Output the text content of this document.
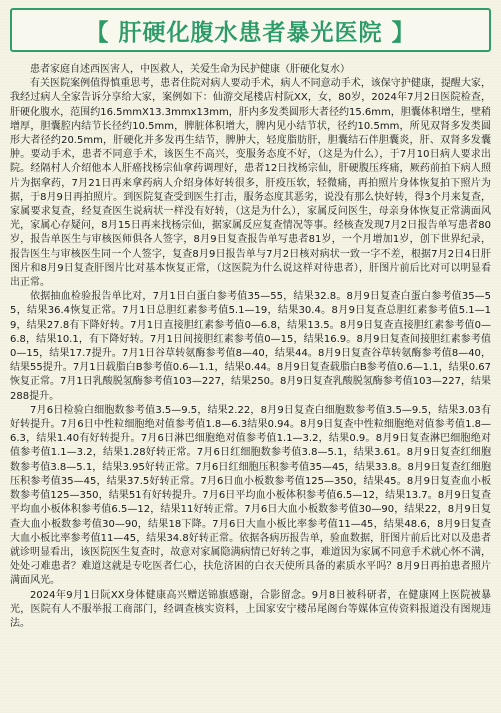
【 肝硬化腹水患者暴光医院 】

患者家庭自述西医害人，中医救人，关爱生命为民护健康（肝硬化复水）

有关医院案例值得慎重思考，患者住院对病人要动手术，病人不同意动手术，该保守护健康，提醒大家，我经过病人全家告诉分享给大家，案例如下：仙游交尾楼店村阮XX，女，80岁，2024年7月2日医院检查，肝硬化腹水，范围约16.5mmX13.3mmx13mm，肝内多发类圆形大者径约15.6mm，胆囊体积增生，壁稍增厚，胆囊腔内结节长径约10.5mm，脾脏体积增大，脾内见小结节状，径约10.5mm，所见双肾多发类圆形大者径约20.5mm，肝硬化并多发再生结节，脾肿大，轻度脂肪肝，胆囊结石伴胆囊炎，肝、双肾多发囊肿。要动手术，患者不同意手术，该医生不高兴，变服务态度不好，（这是为什么），于7月10日病人要求出院。经隔村人介绍他本人肝癌找杨宗仙拿药调理好，患者12日找杨宗仙，肝硬腹压疼痛，厥药前拍下病人照片为据拿药，7月21日再来拿药病人介绍身体好转很多，肝疫压软，轻微痛，再拍照片身体恢复拍下照片为据，于8月9日再拍照片。到医院复查受到医生打击，服务态度其恶劣，说没有那么快好转，得3个月来复查，家属要求复查，经复查医生说病状一样没有好转，（这是为什么），家属反问医生，母亲身体恢复正常满面风光，家属心存疑问，8月15日再来找杨宗仙，据家属反应复查情况等事。经核查发现7月2日报告单写患者80岁，报告单医生与审核医师俱各人签字，8月9日复查报告单写患者81岁，一个月增加1岁，创下世界纪录，报告医生与审核医生同一个人签字，复查8月9日报告单与7月2日核对病状一致一字不差，根据7月2日4日肝图片和8月9日复查肝图片比对基本恢复正常，（这医院为什么说这样对待患者），肝图片前后比对可以明显看出正常。

依据抽血检验报告单比对，7月1日白蛋白参考值35—55，结果32.8。8月9日复查白蛋白参考值35—55，结果36.4恢复正常。7月1日总胆红素参考值5.1—19，结果30.4。8月9日复查总胆红素参考值5.1—19，结果27.8有下降好转。7月1日直接胆红素参考值0—6.8，结果13.5。8月9日复查直接胆红素参考值0—6.8，结果10.1，有下降好转。7月1日间接胆红素参考值0—15，结果16.9。8月9日复查间接胆红素参考值0—15，结果17.7提升。7月1日谷草转氨酶参考值8—40，结果44。8月9日复查谷草转氨酶参考值8—40，结果55提升。7月1日载脂白B参考值0.6—1.1，结果0.44。8月9日复查载脂白B参考值0.6—1.1，结果0.67恢复正常。7月1日乳酸脱氢酶参考值103—227，结果250。8月9日复查乳酸脱氢酶参考值103—227，结果288提升。

7月6日检验白细胞数参考值3.5—9.5，结果2.22，8月9日复查白细胞数参考值3.5—9.5，结果3.03有好转提升。7月6日中性粒细胞绝对值参考值1.8—6.3结果0.94。8月9日复查中性粒细胞绝对值参考值1.8—6.3，结果1.40有好转提升。7月6日淋巴细胞绝对值参考值1.1—3.2，结果0.9。8月9日复查淋巴细胞绝对值参考值1.1—3.2，结果1.28好转正常。7月6日红细胞数参考值3.8—5.1，结果3.61。8月9日复查红细胞数参考值3.8—5.1，结果3.95好转正常。7月6日红细胞压积参考值35—45，结果33.8。8月9日复查红细胞压积参考值35—45，结果37.5好转正常。7月6日血小板数参考值125—350，结果45。8月9日复查血小板数参考值125—350，结果51有好转提升。7月6日平均血小板体积参考值6.5—12，结果13.7。8月9日复查平均血小板体积参考值6.5—12，结果11好转正常。7月6日大血小板数参考值30—90，结果22，8月9日复查大血小板数参考值30—90，结果18下降。7月6日大血小板比率参考值11—45，结果48.6，8月9日复查大血小板比率参考值11—45，结果34.8好转正常。依据各病历报告单，验血数据，肝图片前后比对以及患者就诊明显看出，该医院医生复查时，故意对家属隐满病情已好转之事，难道因为家属不同意手术就心怀不满，处处刁难患者？难道这就是专吃医者仁心，扶危济困的白衣天使所具备的素质水平吗？8月9日再拍患者照片满面风光。

2024年9月1日阮XX身体健康高兴赠送锦旗感谢，合影留念。9月8日被科研者，在健康网上医院被暴光，医院有人不服举报工商部门，经调查核实资料，上国家安宁楼吊尾阁台等媒体宣传资料报道没有图规违法。
